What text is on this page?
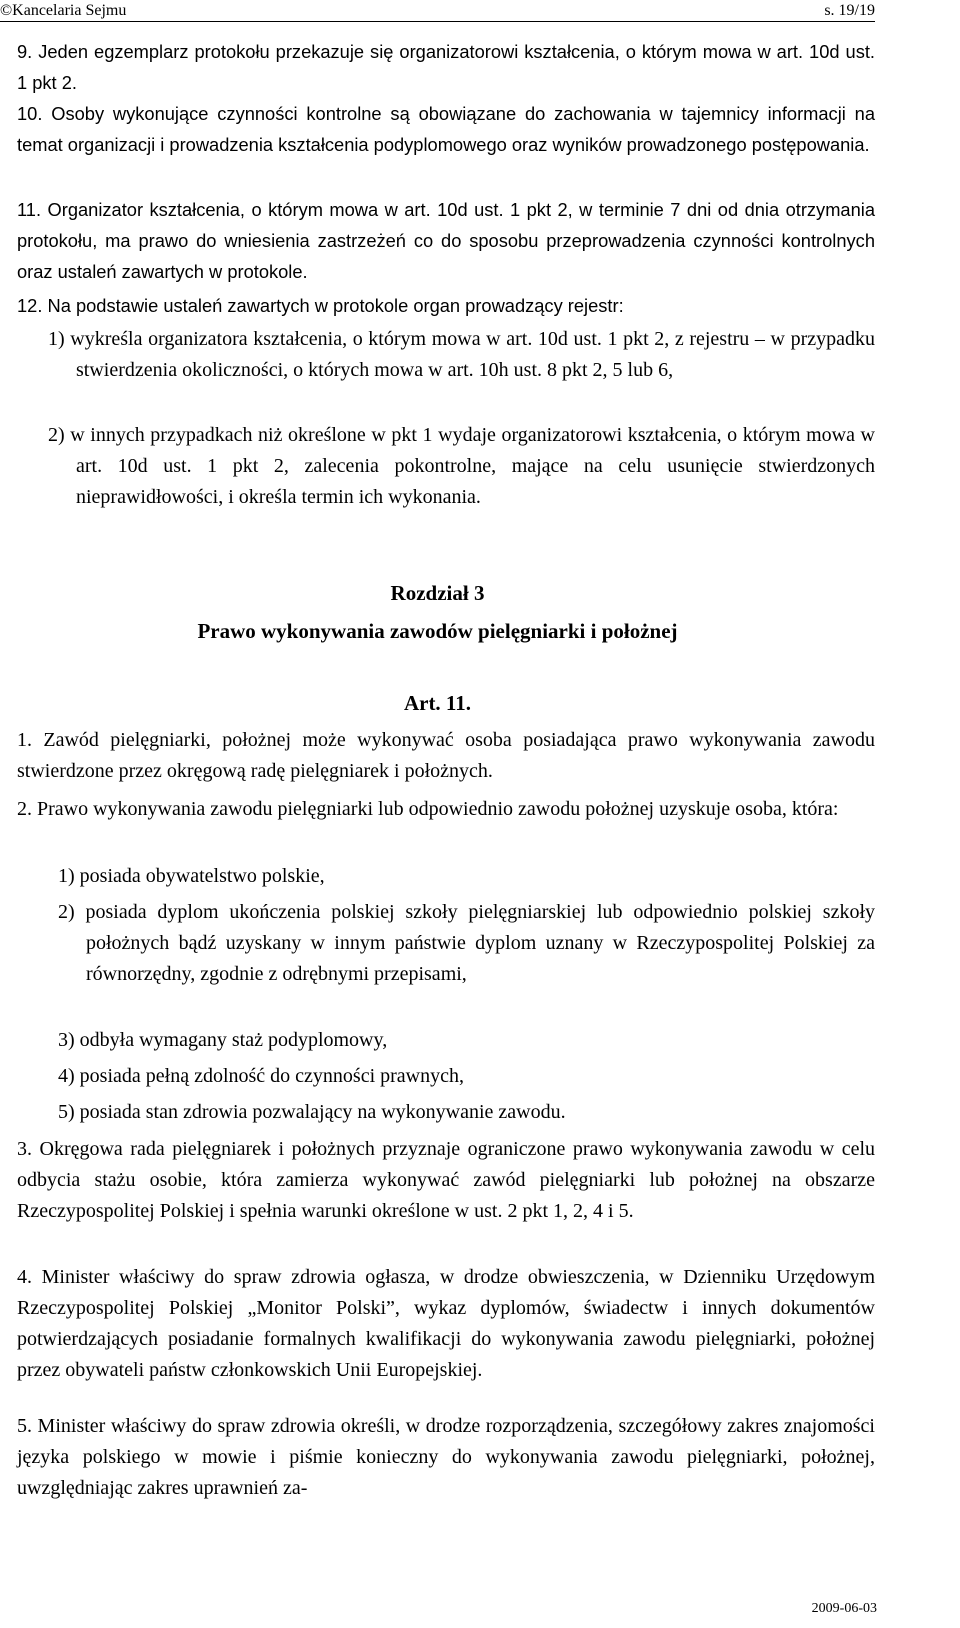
©Kancelaria Sejmu	s. 19/19

9. Jeden egzemplarz protokołu przekazuje się organizatorowi kształcenia, o którym mowa w art. 10d ust. 1 pkt 2.

10. Osoby wykonujące czynności kontrolne są obowiązane do zachowania w tajemnicy informacji na temat organizacji i prowadzenia kształcenia podyplomowego oraz wyników prowadzonego postępowania.

11. Organizator kształcenia, o którym mowa w art. 10d ust. 1 pkt 2, w terminie 7 dni od dnia otrzymania protokołu, ma prawo do wniesienia zastrzeżeń co do sposobu przeprowadzenia czynności kontrolnych oraz ustaleń zawartych w protokole.

12. Na podstawie ustaleń zawartych w protokole organ prowadzący rejestr:

1) wykreśla organizatora kształcenia, o którym mowa w art. 10d ust. 1 pkt 2, z rejestru – w przypadku stwierdzenia okoliczności, o których mowa w art. 10h ust. 8 pkt 2, 5 lub 6,

2) w innych przypadkach niż określone w pkt 1 wydaje organizatorowi kształcenia, o którym mowa w art. 10d ust. 1 pkt 2, zalecenia pokontrolne, mające na celu usunięcie stwierdzonych nieprawidłowości, i określa termin ich wykonania.

Rozdział 3
Prawo wykonywania zawodów pielęgniarki i położnej
Art. 11.

1. Zawód pielęgniarki, położnej może wykonywać osoba posiadająca prawo wykonywania zawodu stwierdzone przez okręgową radę pielęgniarek i położnych.

2. Prawo wykonywania zawodu pielęgniarki lub odpowiednio zawodu położnej uzyskuje osoba, która:

1) posiada obywatelstwo polskie,

2) posiada dyplom ukończenia polskiej szkoły pielęgniarskiej lub odpowiednio polskiej szkoły położnych bądź uzyskany w innym państwie dyplom uznany w Rzeczypospolitej Polskiej za równorzędny, zgodnie z odrębnymi przepisami,

3) odbyła wymagany staż podyplomowy,

4) posiada pełną zdolność do czynności prawnych,

5) posiada stan zdrowia pozwalający na wykonywanie zawodu.

3. Okręgowa rada pielęgniarek i położnych przyznaje ograniczone prawo wykonywania zawodu w celu odbycia stażu osobie, która zamierza wykonywać zawód pielęgniarki lub położnej na obszarze Rzeczypospolitej Polskiej i spełnia warunki określone w ust. 2 pkt 1, 2, 4 i 5.

4. Minister właściwy do spraw zdrowia ogłasza, w drodze obwieszczenia, w Dzienniku Urzędowym Rzeczypospolitej Polskiej „Monitor Polski”, wykaz dyplomów, świadectw i innych dokumentów potwierdzających posiadanie formalnych kwalifikacji do wykonywania zawodu pielęgniarki, położnej przez obywateli państw członkowskich Unii Europejskiej.

5. Minister właściwy do spraw zdrowia określi, w drodze rozporządzenia, szczegółowy zakres znajomości języka polskiego w mowie i piśmie konieczny do wykonywania zawodu pielęgniarki, położnej, uwzględniając zakres uprawnień za-

2009-06-03
